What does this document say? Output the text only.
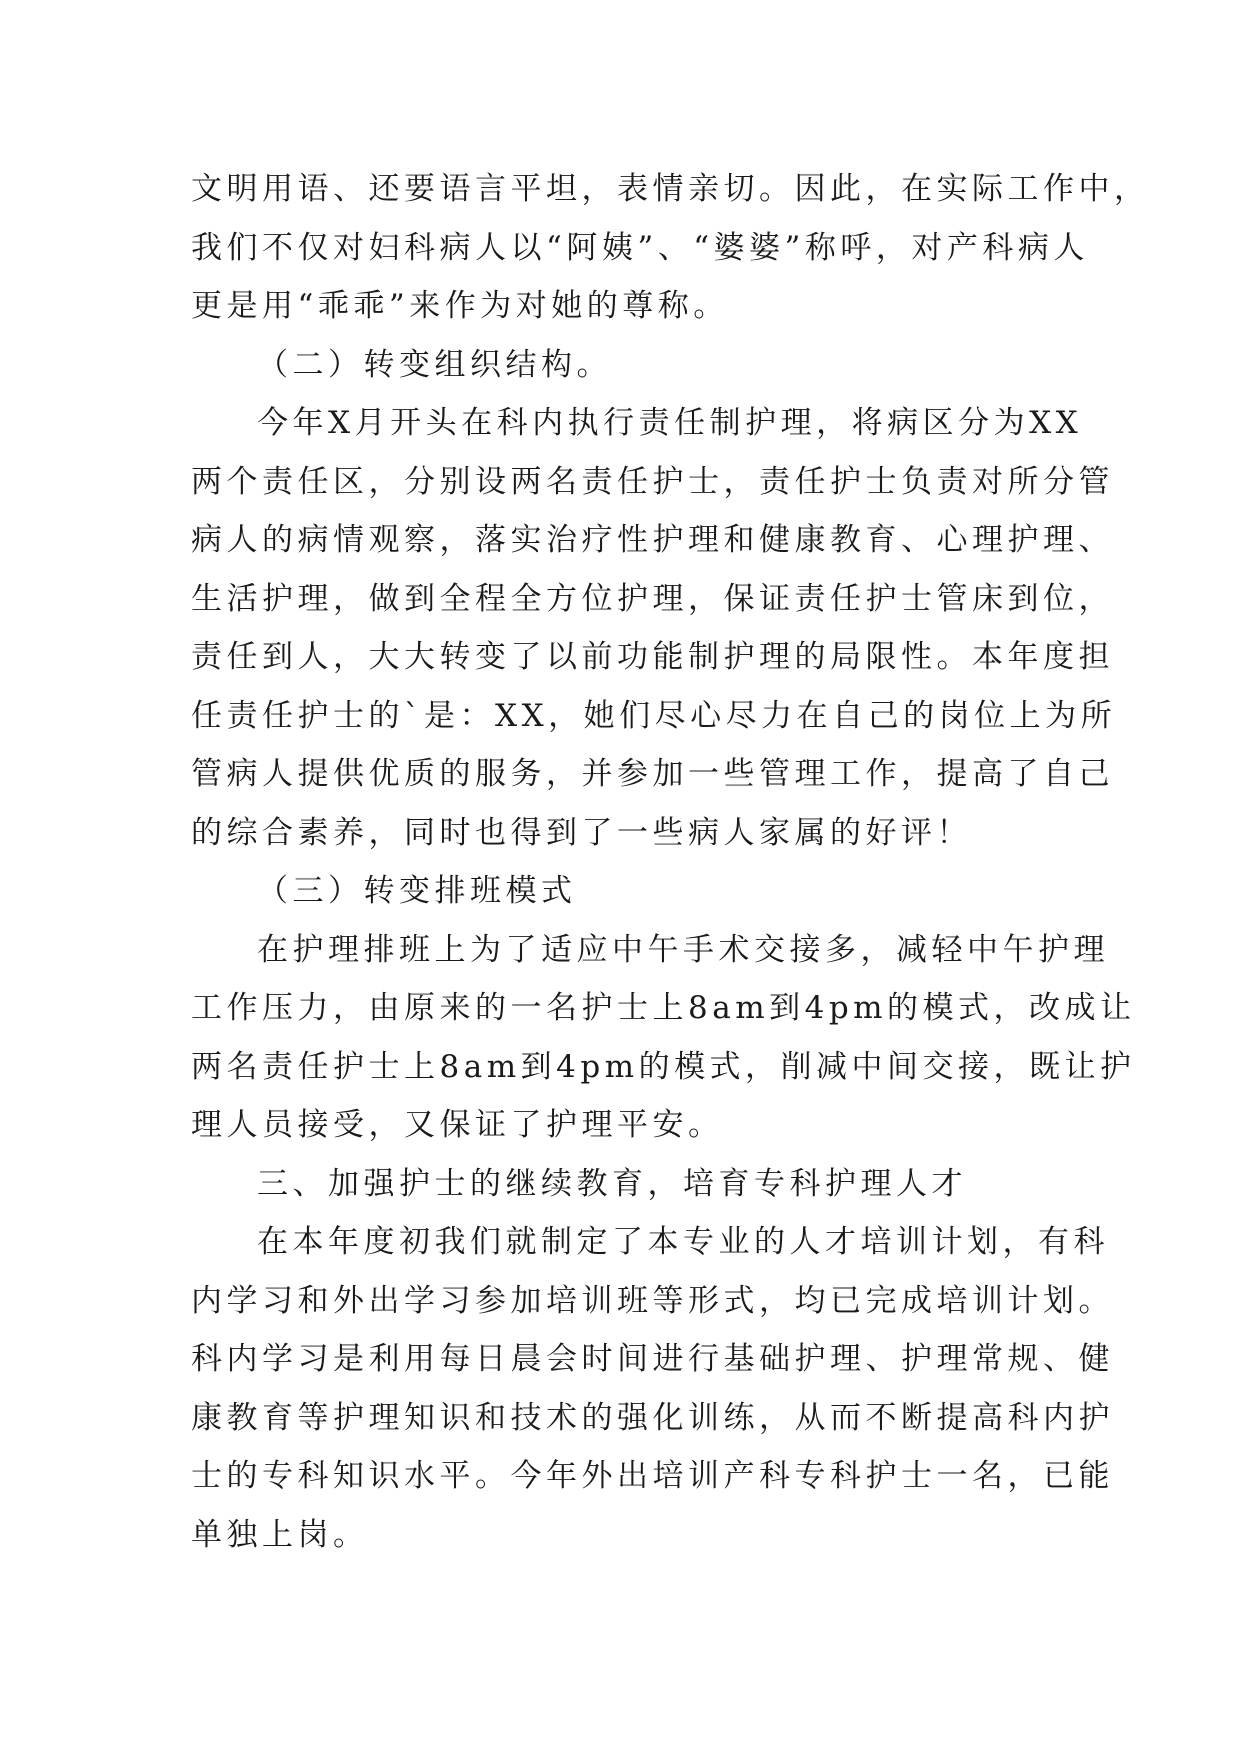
文明用语、还要语言平坦，表情亲切。因此，在实际工作中，
我们不仅对妇科病人以“阿姨”、“婆婆”称呼，对产科病人
更是用“乖乖”来作为对她的尊称。
（二）转变组织结构。
今年X月开头在科内执行责任制护理，将病区分为XX
两个责任区，分别设两名责任护士，责任护士负责对所分管
病人的病情观察，落实治疗性护理和健康教育、心理护理、
生活护理，做到全程全方位护理，保证责任护士管床到位，
责任到人，大大转变了以前功能制护理的局限性。本年度担
任责任护士的`是：XX，她们尽心尽力在自己的岗位上为所
管病人提供优质的服务，并参加一些管理工作，提高了自己
的综合素养，同时也得到了一些病人家属的好评！
（三）转变排班模式
在护理排班上为了适应中午手术交接多，减轻中午护理
工作压力，由原来的一名护士上8am到4pm的模式，改成让
两名责任护士上8am到4pm的模式，削减中间交接，既让护
理人员接受，又保证了护理平安。
三、加强护士的继续教育，培育专科护理人才
在本年度初我们就制定了本专业的人才培训计划，有科
内学习和外出学习参加培训班等形式，均已完成培训计划。
科内学习是利用每日晨会时间进行基础护理、护理常规、健
康教育等护理知识和技术的强化训练，从而不断提高科内护
士的专科知识水平。今年外出培训产科专科护士一名，已能
单独上岗。
